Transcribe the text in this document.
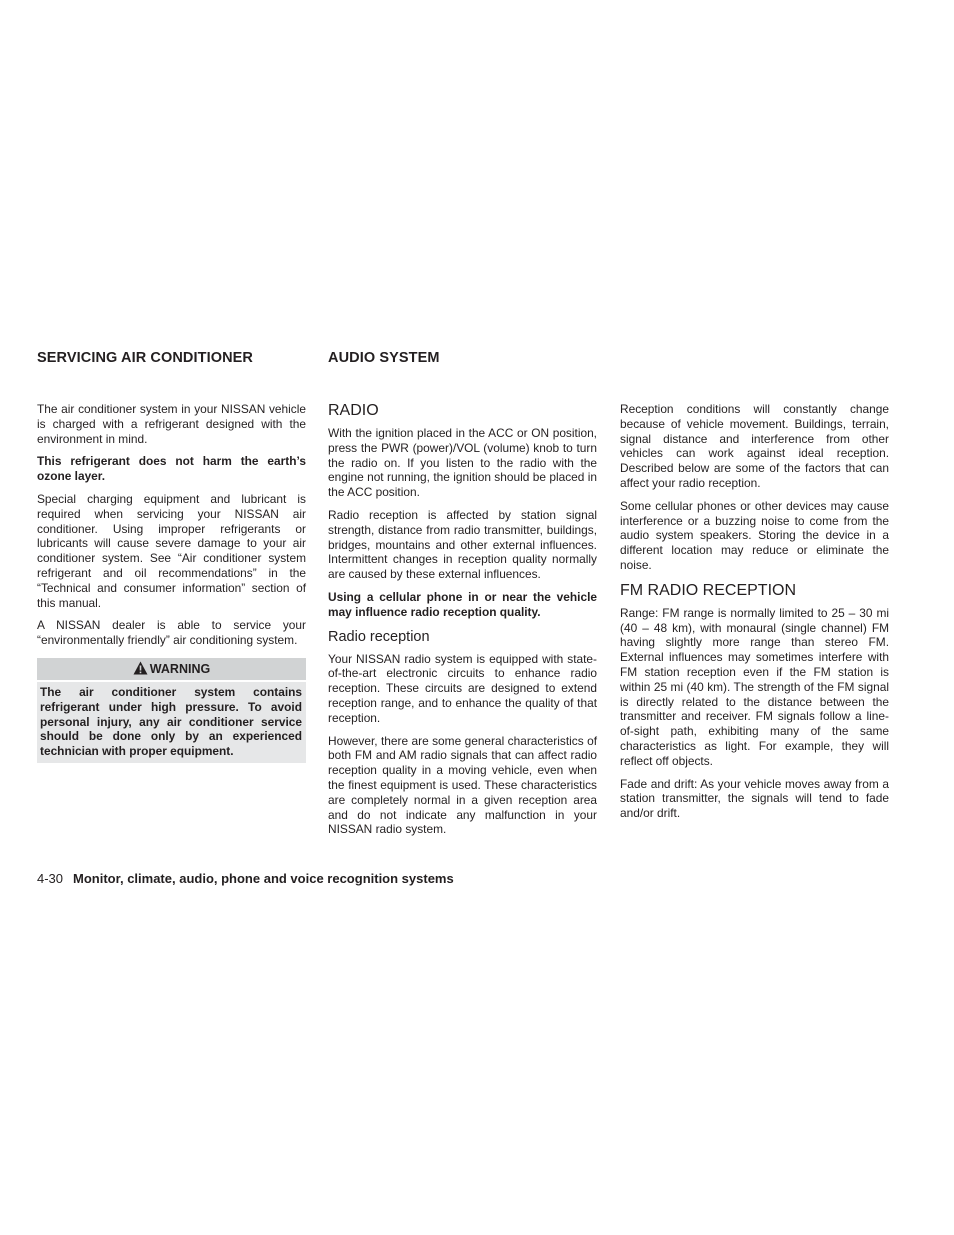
SERVICING AIR CONDITIONER

The air conditioner system in your NISSAN vehicle is charged with a refrigerant designed with the environment in mind.

This refrigerant does not harm the earth’s ozone layer.

Special charging equipment and lubricant is required when servicing your NISSAN air conditioner. Using improper refrigerants or lubricants will cause severe damage to your air conditioner system. See “Air conditioner system refrigerant and oil recommendations” in the “Technical and consumer information” section of this manual.

A NISSAN dealer is able to service your “environmentally friendly” air conditioning system.

WARNING

The air conditioner system contains refrigerant under high pressure. To avoid personal injury, any air conditioner service should be done only by an experienced technician with proper equipment.

AUDIO SYSTEM
RADIO

With the ignition placed in the ACC or ON position, press the PWR (power)/VOL (volume) knob to turn the radio on. If you listen to the radio with the engine not running, the ignition should be placed in the ACC position.

Radio reception is affected by station signal strength, distance from radio transmitter, buildings, bridges, mountains and other external influences. Intermittent changes in reception quality normally are caused by these external influences.

Using a cellular phone in or near the vehicle may influence radio reception quality.

Radio reception

Your NISSAN radio system is equipped with state-of-the-art electronic circuits to enhance radio reception. These circuits are designed to extend reception range, and to enhance the quality of that reception.

However, there are some general characteristics of both FM and AM radio signals that can affect radio reception quality in a moving vehicle, even when the finest equipment is used. These characteristics are completely normal in a given reception area and do not indicate any malfunction in your NISSAN radio system.

Reception conditions will constantly change because of vehicle movement. Buildings, terrain, signal distance and interference from other vehicles can work against ideal reception. Described below are some of the factors that can affect your radio reception.

Some cellular phones or other devices may cause interference or a buzzing noise to come from the audio system speakers. Storing the device in a different location may reduce or eliminate the noise.

FM RADIO RECEPTION

Range: FM range is normally limited to 25 – 30 mi (40 – 48 km), with monaural (single channel) FM having slightly more range than stereo FM. External influences may sometimes interfere with FM station reception even if the FM station is within 25 mi (40 km). The strength of the FM signal is directly related to the distance between the transmitter and receiver. FM signals follow a line-of-sight path, exhibiting many of the same characteristics as light. For example, they will reflect off objects.

Fade and drift: As your vehicle moves away from a station transmitter, the signals will tend to fade and/or drift.

4-30 Monitor, climate, audio, phone and voice recognition systems
